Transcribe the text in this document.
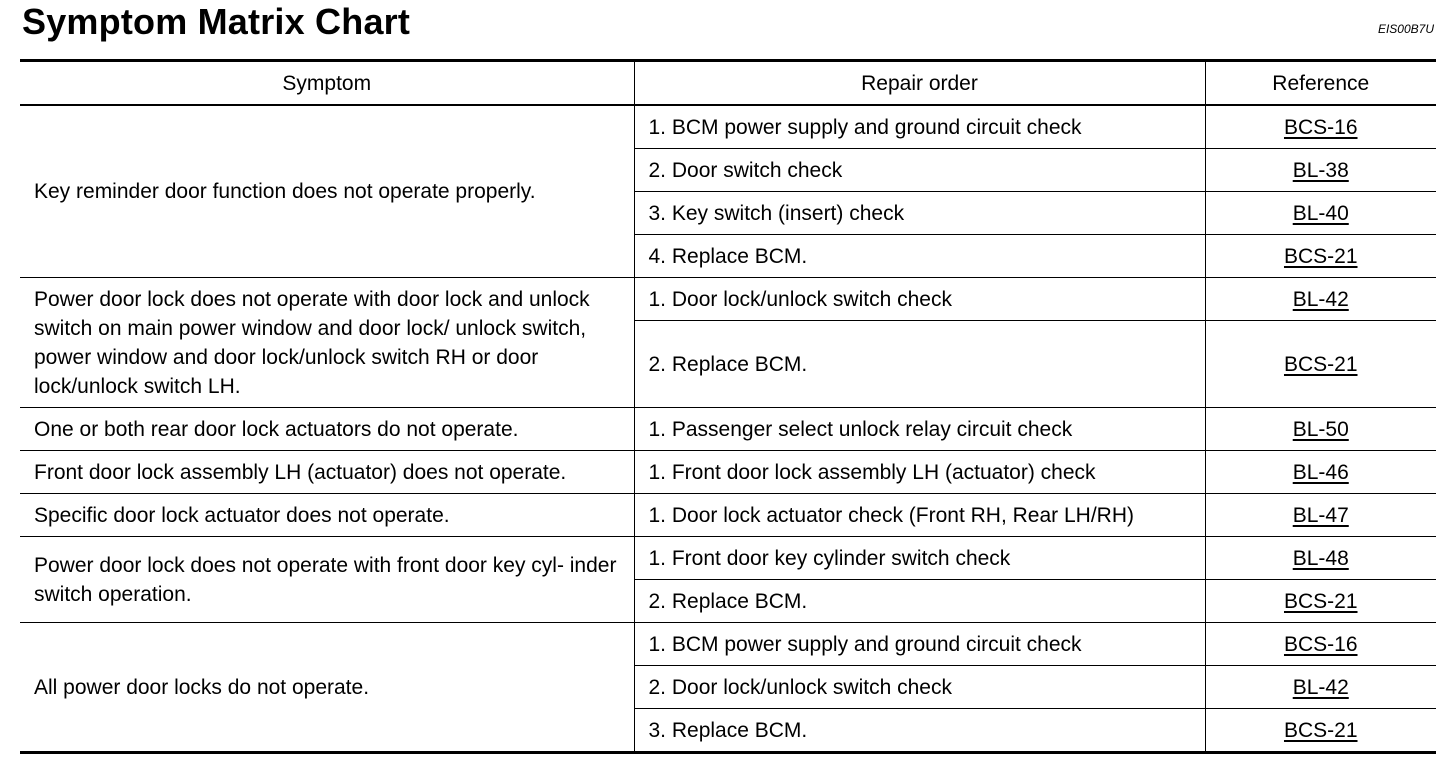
Symptom Matrix Chart	EIS00B7U
Symptom	Repair order	Reference
Key reminder door function does not operate properly.	1. BCM power supply and ground circuit check	BCS-16
	2. Door switch check	BL-38
	3. Key switch (insert) check	BL-40
	4. Replace BCM.	BCS-21
Power door lock does not operate with door lock and unlock switch on main power window and door lock/ unlock switch, power window and door lock/unlock switch RH or door lock/unlock switch LH.	1. Door lock/unlock switch check	BL-42
	2. Replace BCM.	BCS-21
One or both rear door lock actuators do not operate.	1. Passenger select unlock relay circuit check	BL-50
Front door lock assembly LH (actuator) does not operate.	1. Front door lock assembly LH (actuator) check	BL-46
Specific door lock actuator does not operate.	1. Door lock actuator check (Front RH, Rear LH/RH)	BL-47
Power door lock does not operate with front door key cyl- inder switch operation.	1. Front door key cylinder switch check	BL-48
	2. Replace BCM.	BCS-21
All power door locks do not operate.	1. BCM power supply and ground circuit check	BCS-16
	2. Door lock/unlock switch check	BL-42
	3. Replace BCM.	BCS-21
